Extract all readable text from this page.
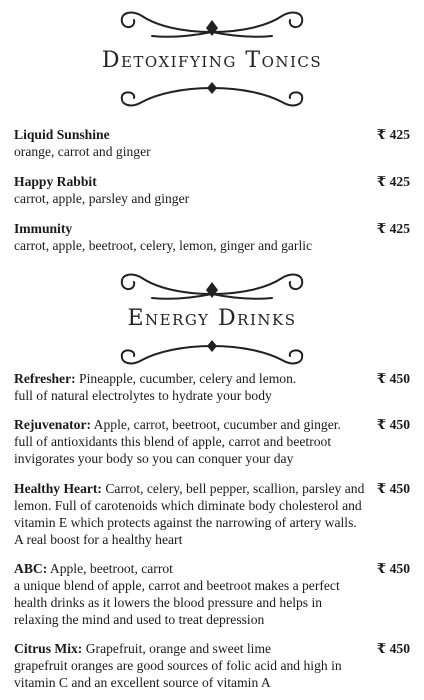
Detoxifying Tonics
Liquid Sunshine
orange, carrot and ginger
₹ 425
Happy Rabbit
carrot, apple, parsley and ginger
₹ 425
Immunity
carrot, apple, beetroot, celery, lemon, ginger and garlic
₹ 425
Energy Drinks
Refresher: Pineapple, cucumber, celery and lemon.
full of natural electrolytes to hydrate your body
₹ 450
Rejuvenator: Apple, carrot, beetroot, cucumber and ginger.
full of antioxidants this blend of apple, carrot and beetroot invigorates your body so you can conquer your day
₹ 450
Healthy Heart: Carrot, celery, bell pepper, scallion, parsley and lemon. Full of carotenoids which diminate body cholesterol and vitamin E which protects against the narrowing of artery walls. A real boost for a healthy heart
₹ 450
ABC: Apple, beetroot, carrot
a unique blend of apple, carrot and beetroot makes a perfect health drinks as it lowers the blood pressure and helps in relaxing the mind and used to treat depression
₹ 450
Citrus Mix: Grapefruit, orange and sweet lime
grapefruit oranges are good sources of folic acid and high in vitamin C and an excellent source of vitamin A
₹ 450
